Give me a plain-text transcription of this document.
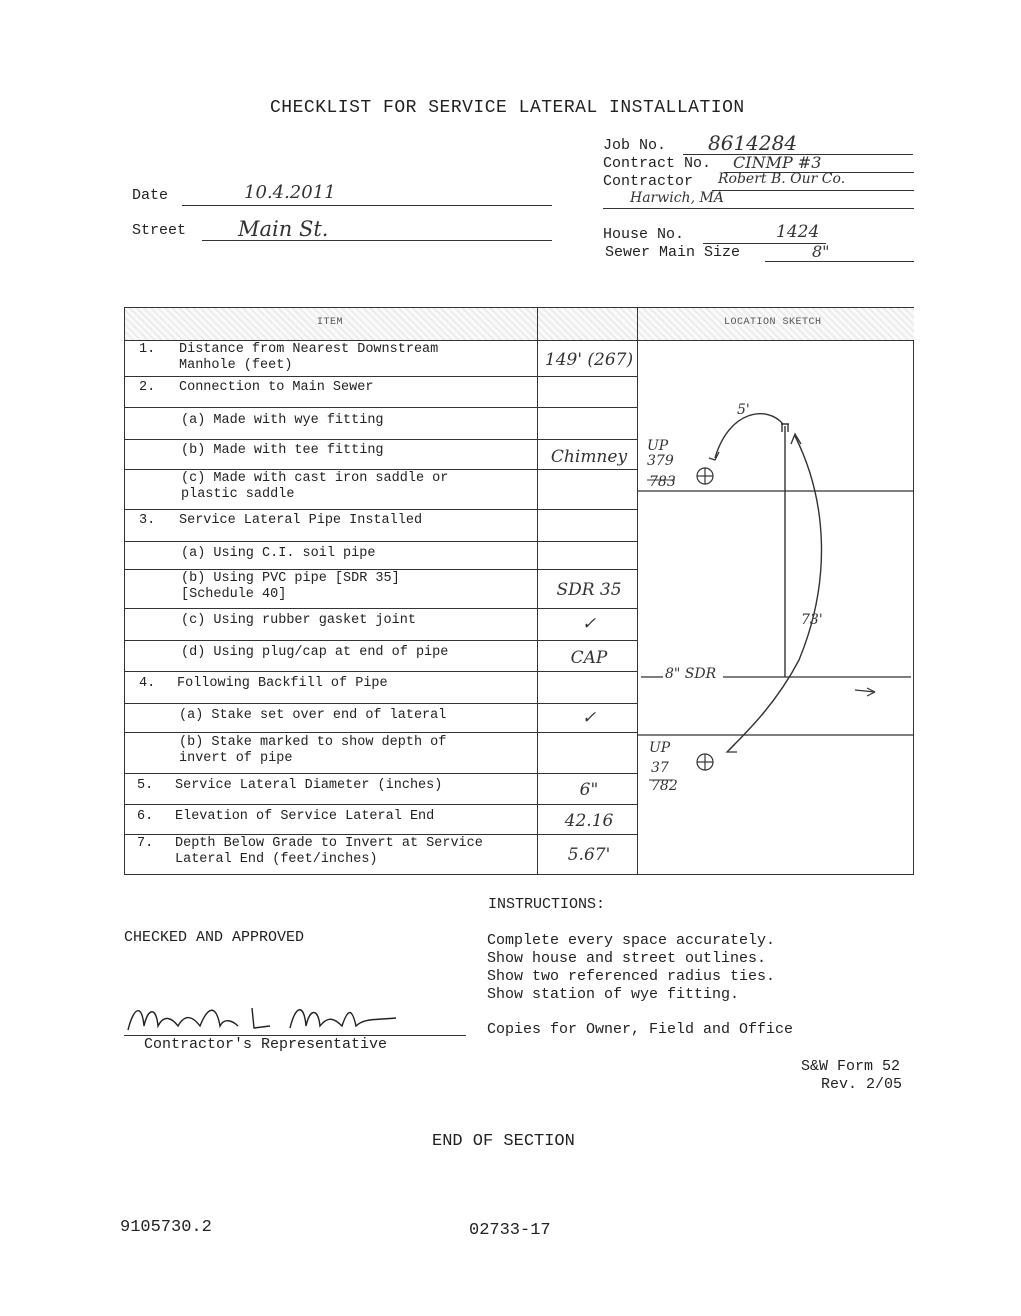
CHECKLIST FOR SERVICE LATERAL INSTALLATION
Job No. 8614284
Contract No. CINMP #3
Contractor Robert B. Our Co.
Harwich, MA
House No.	1424
Sewer Main Size	8"
Date	10.4.2011
Street Main St.
ITEM	LOCATION SKETCH
1. Distance from Nearest Downstream
Manhole (feet)	149' (267)
2. Connection to Main Sewer
(a) Made with wye fitting
(b) Made with tee fitting	Chimney
(c) Made with cast iron saddle or
plastic saddle
3. Service Lateral Pipe Installed
(a) Using C.I. soil pipe
(b) Using PVC pipe [SDR 35]
[Schedule 40]	SDR 35
(c) Using rubber gasket joint	✓
(d) Using plug/cap at end of pipe	CAP
4. Following Backfill of Pipe
(a) Stake set over end of lateral	✓
(b) Stake marked to show depth of
invert of pipe
5. Service Lateral Diameter (inches)	6"
6. Elevation of Service Lateral End	42.16
7. Depth Below Grade to Invert at Service
Lateral End (feet/inches)	5.67'
UP
379
783
5'
73'
8" SDR
UP
37
782
INSTRUCTIONS:
Complete every space accurately.
Show house and street outlines.
Show two referenced radius ties.
Show station of wye fitting.
Copies for Owner, Field and Office
CHECKED AND APPROVED
Contractor's Representative
S&W Form 52
Rev. 2/05
END OF SECTION
9105730.2	02733-17
